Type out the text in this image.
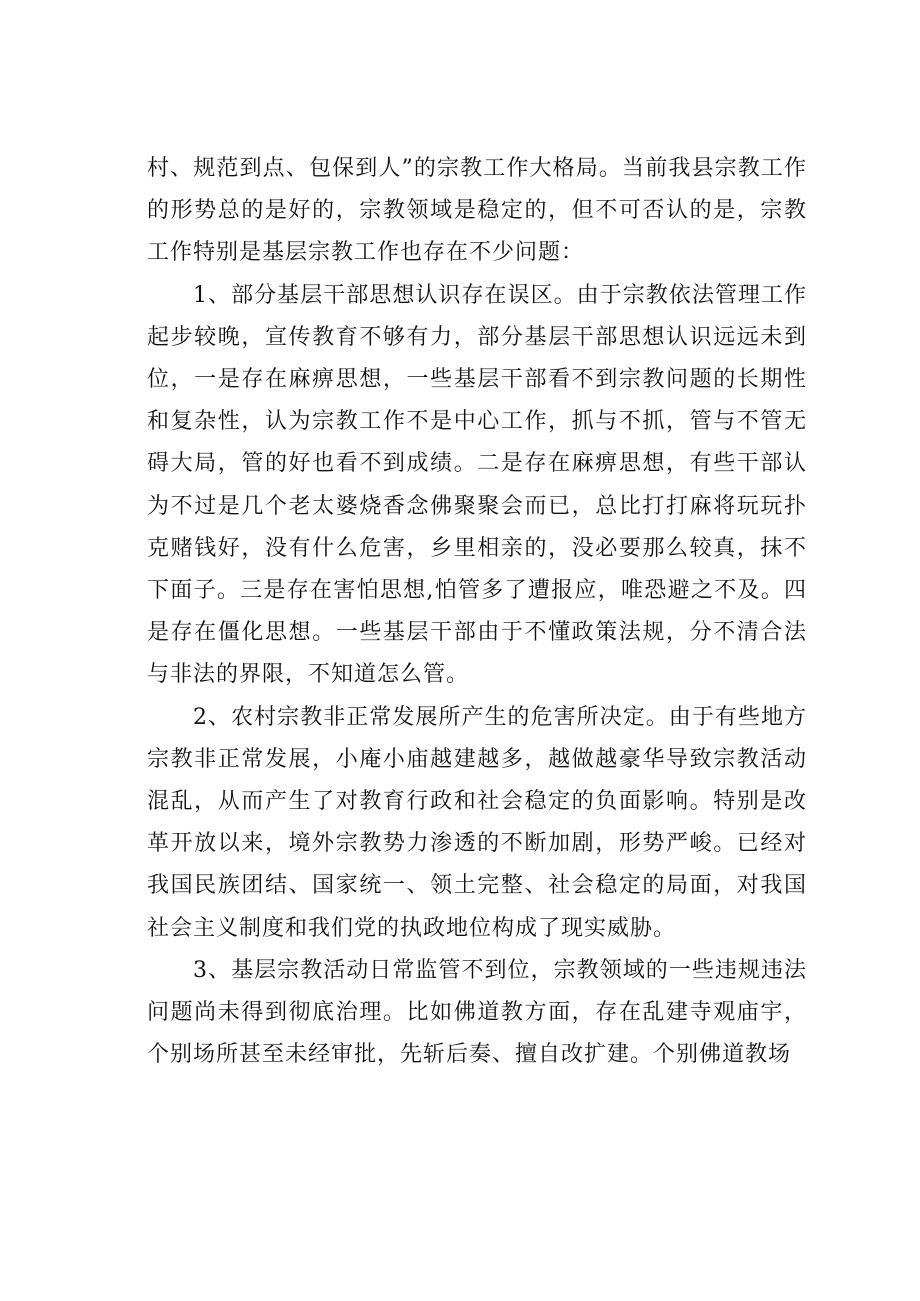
村、规范到点、包保到人”的宗教工作大格局。当前我县宗教工作的形势总的是好的，宗教领域是稳定的，但不可否认的是，宗教工作特别是基层宗教工作也存在不少问题：

1、部分基层干部思想认识存在误区。由于宗教依法管理工作起步较晚，宣传教育不够有力，部分基层干部思想认识远远未到位，一是存在麻痹思想，一些基层干部看不到宗教问题的长期性和复杂性，认为宗教工作不是中心工作，抓与不抓，管与不管无碍大局，管的好也看不到成绩。二是存在麻痹思想，有些干部认为不过是几个老太婆烧香念佛聚聚会而已，总比打打麻将玩玩扑克赌钱好，没有什么危害，乡里相亲的，没必要那么较真，抹不下面子。三是存在害怕思想,怕管多了遭报应，唯恐避之不及。四是存在僵化思想。一些基层干部由于不懂政策法规，分不清合法与非法的界限，不知道怎么管。

2、农村宗教非正常发展所产生的危害所决定。由于有些地方宗教非正常发展，小庵小庙越建越多，越做越豪华导致宗教活动混乱，从而产生了对教育行政和社会稳定的负面影响。特别是改革开放以来，境外宗教势力渗透的不断加剧，形势严峻。已经对我国民族团结、国家统一、领土完整、社会稳定的局面，对我国社会主义制度和我们党的执政地位构成了现实威胁。

3、基层宗教活动日常监管不到位，宗教领域的一些违规违法问题尚未得到彻底治理。比如佛道教方面，存在乱建寺观庙宇，个别场所甚至未经审批，先斩后奏、擅自改扩建。个别佛道教场
